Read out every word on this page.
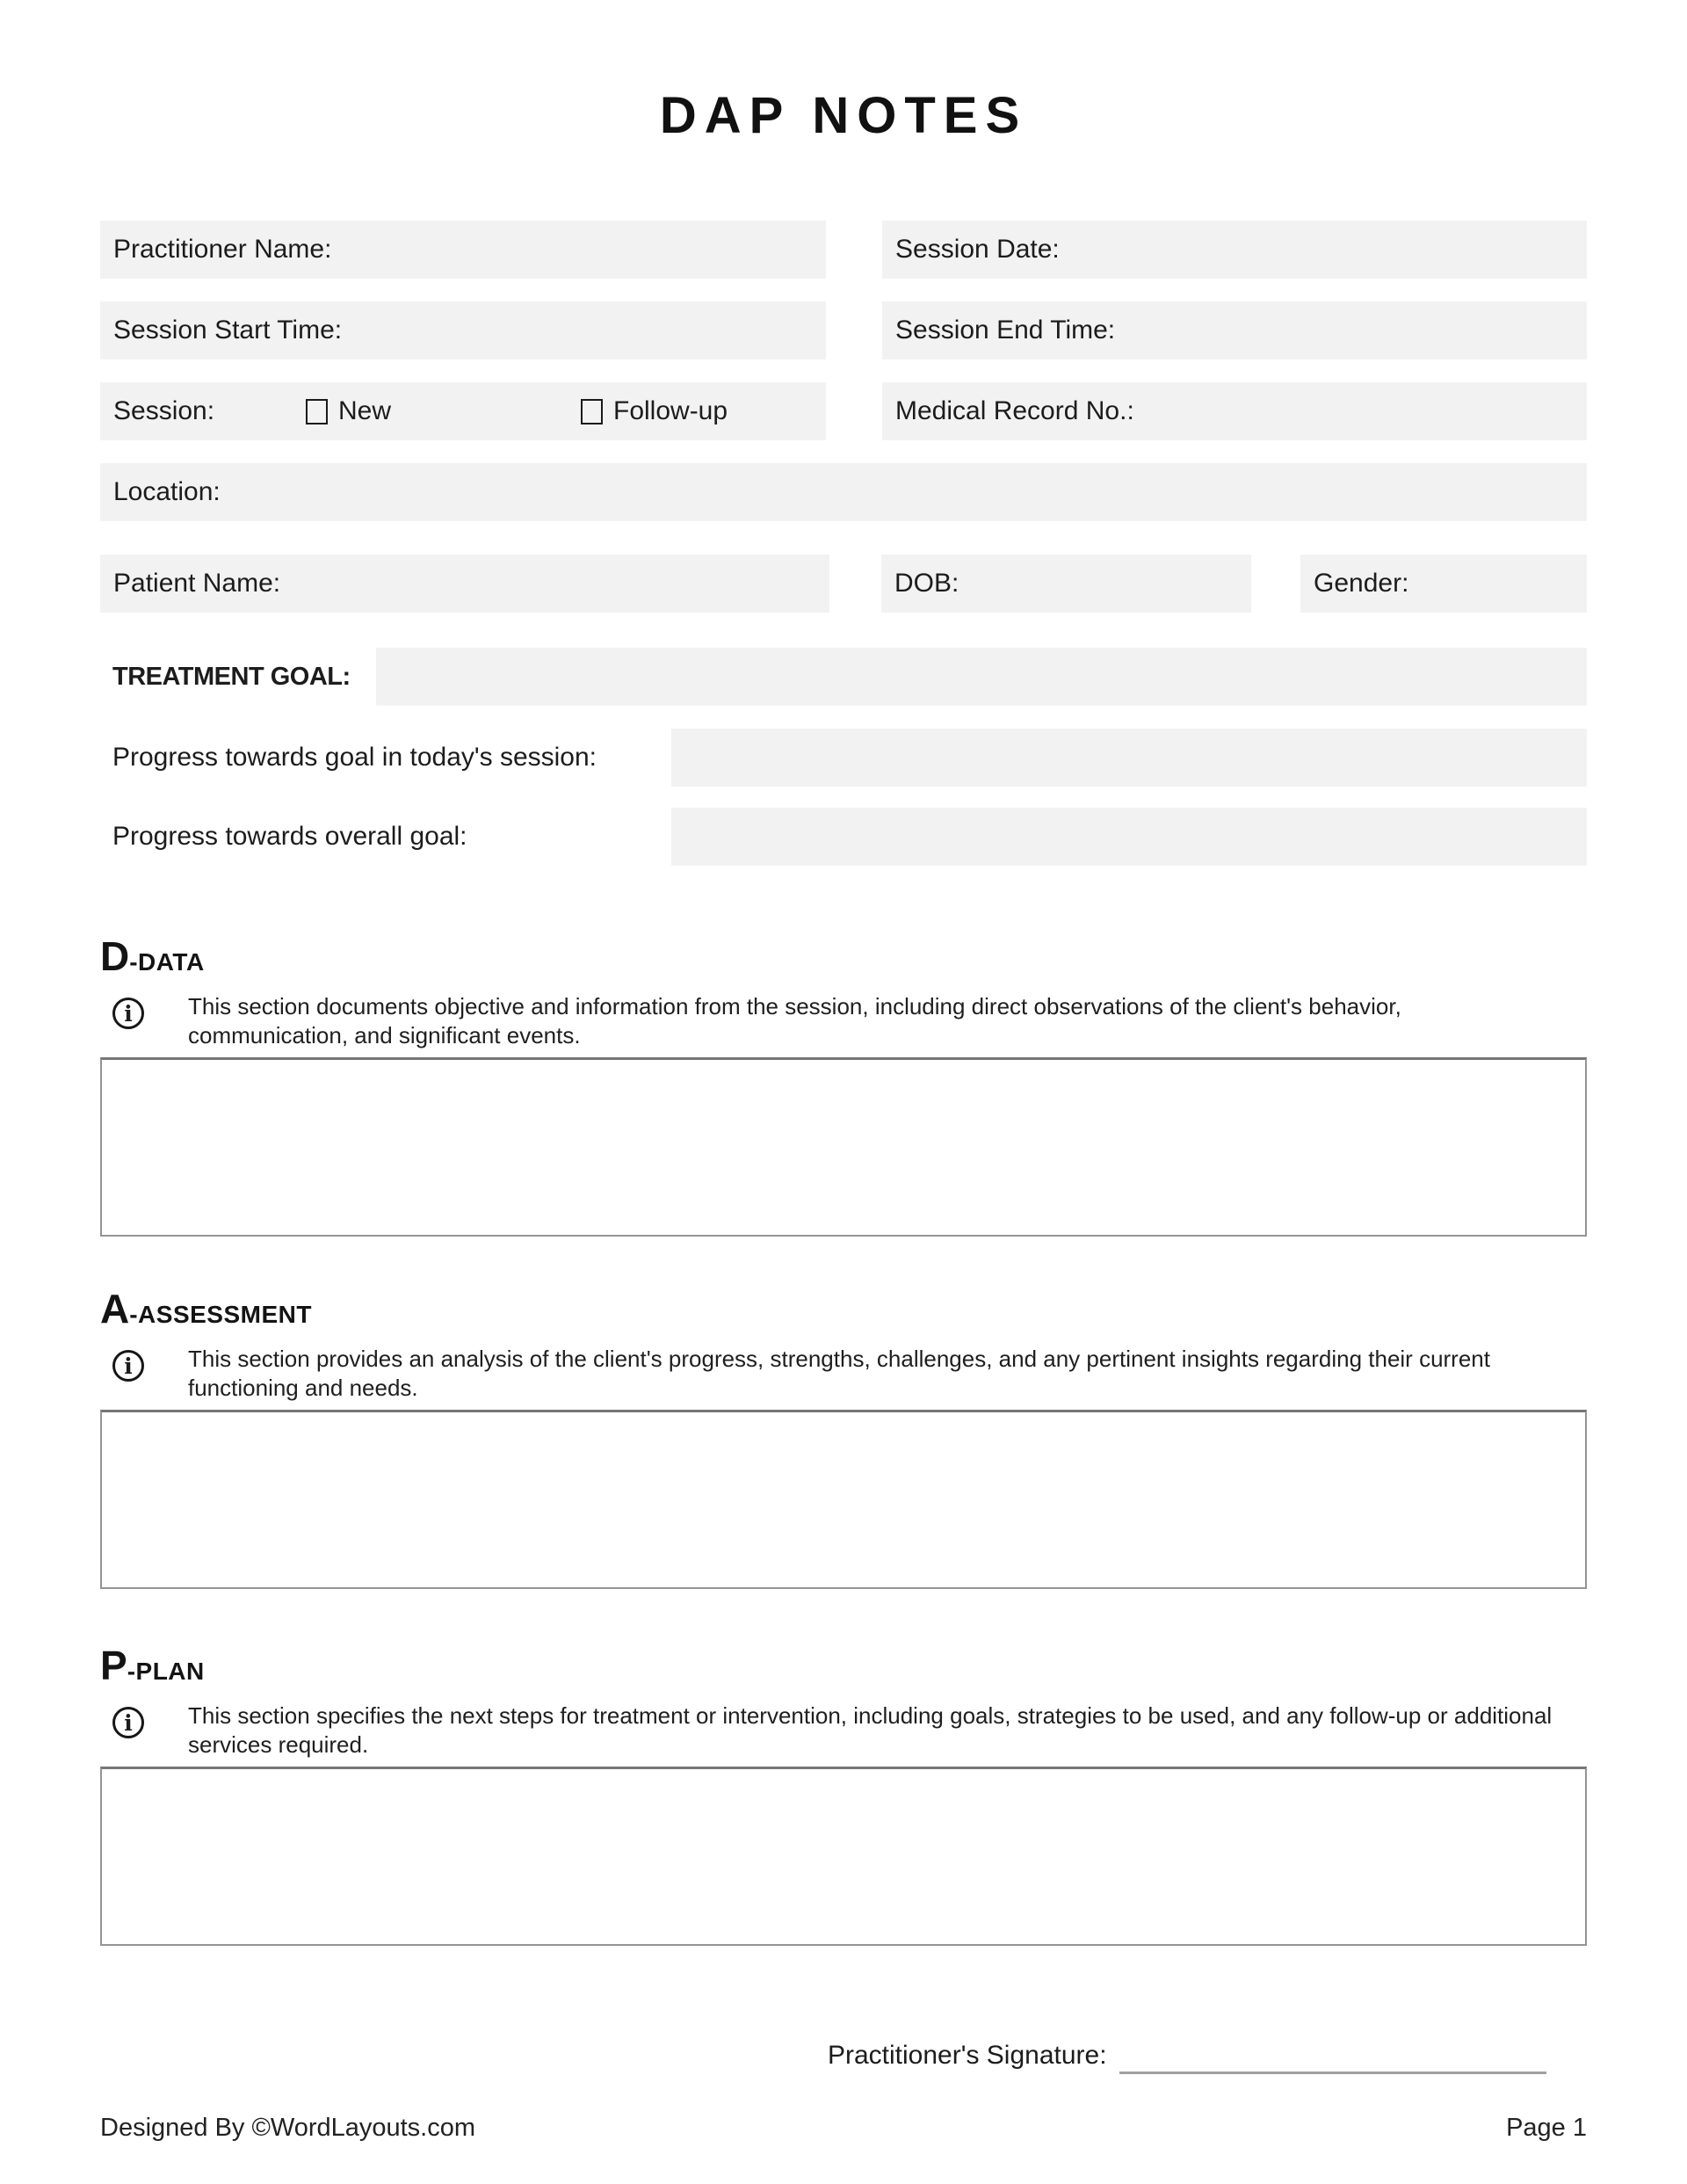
DAP NOTES
Practitioner Name:	Session Date:
Session Start Time:	Session End Time:
Session:	New	Follow-up	Medical Record No.:
Location:
Patient Name:	DOB:	Gender:
TREATMENT GOAL:
Progress towards goal in today's session:
Progress towards overall goal:
D-DATA
i	This section documents objective and information from the session, including direct observations of the client's behavior, communication, and significant events.
A-ASSESSMENT
i	This section provides an analysis of the client's progress, strengths, challenges, and any pertinent insights regarding their current functioning and needs.
P-PLAN
i	This section specifies the next steps for treatment or intervention, including goals, strategies to be used, and any follow-up or additional services required.
Practitioner's Signature:
Designed By ©WordLayouts.com	Page 1
